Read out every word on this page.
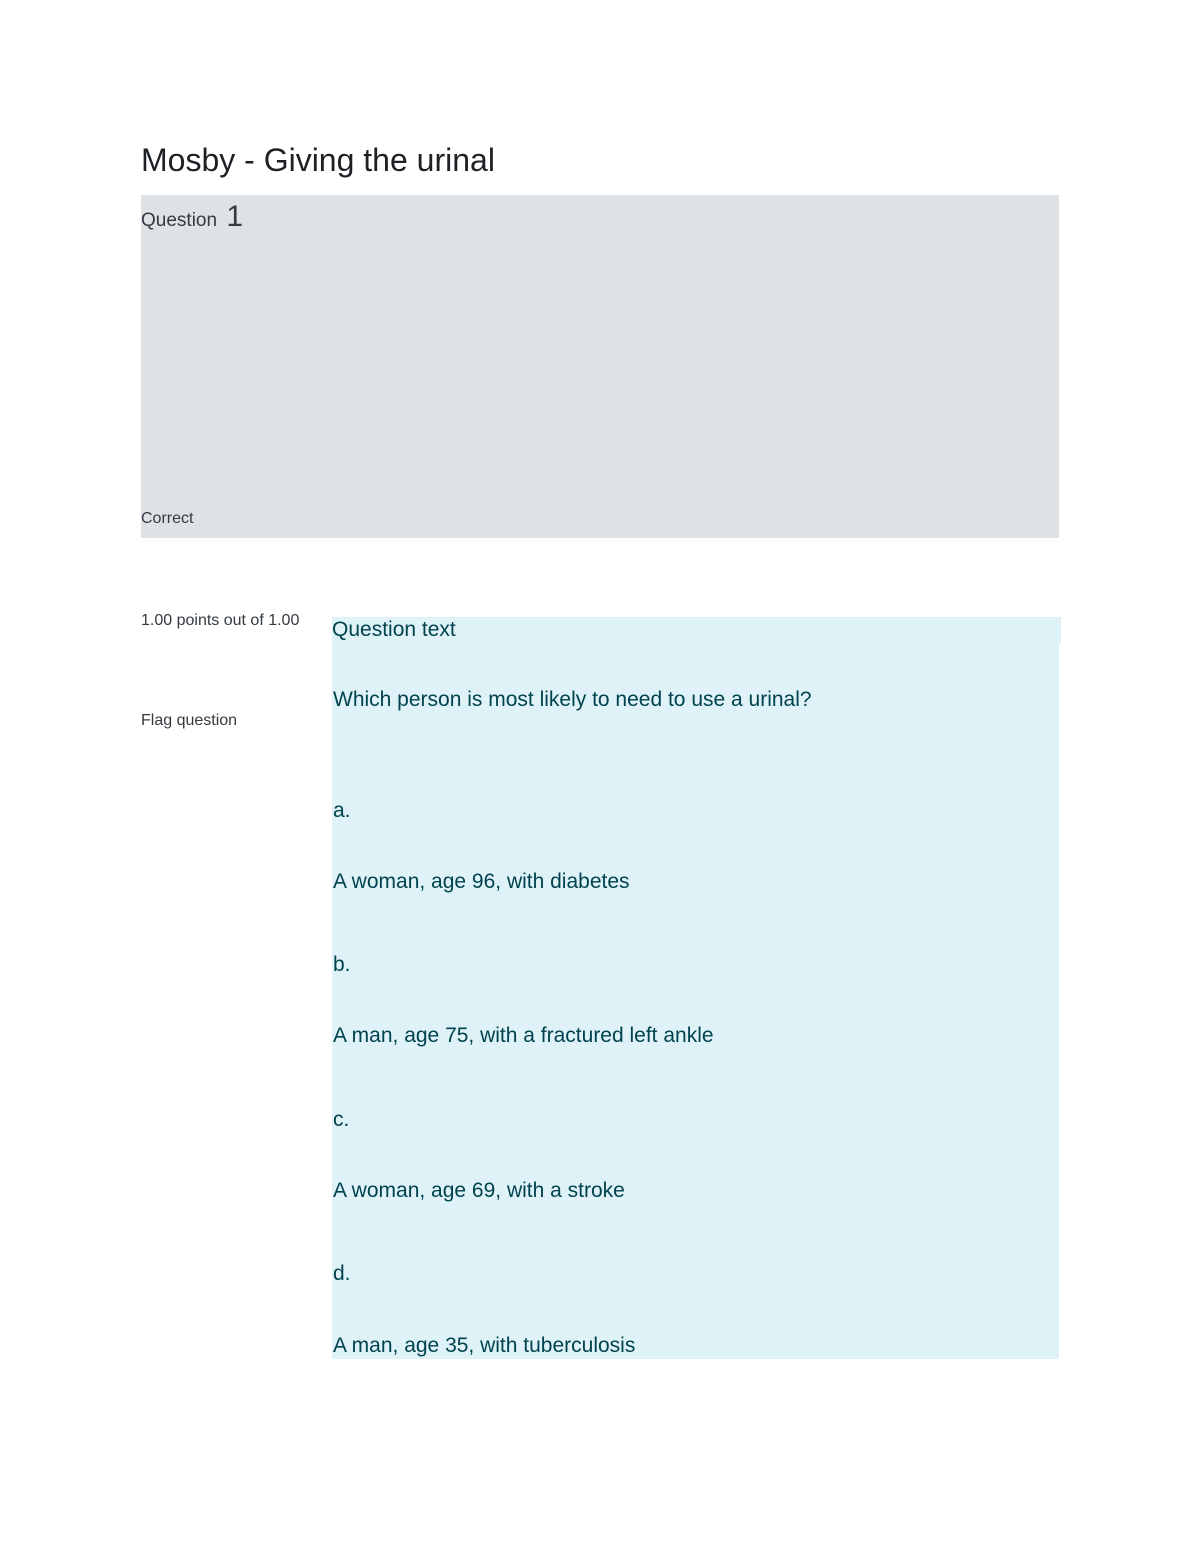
Mosby - Giving the urinal
Question 1
Correct
1.00 points out of 1.00
Flag question
Question text
Which person is most likely to need to use a urinal?
a.
A woman, age 96, with diabetes
b.
A man, age 75, with a fractured left ankle
c.
A woman, age 69, with a stroke
d.
A man, age 35, with tuberculosis
